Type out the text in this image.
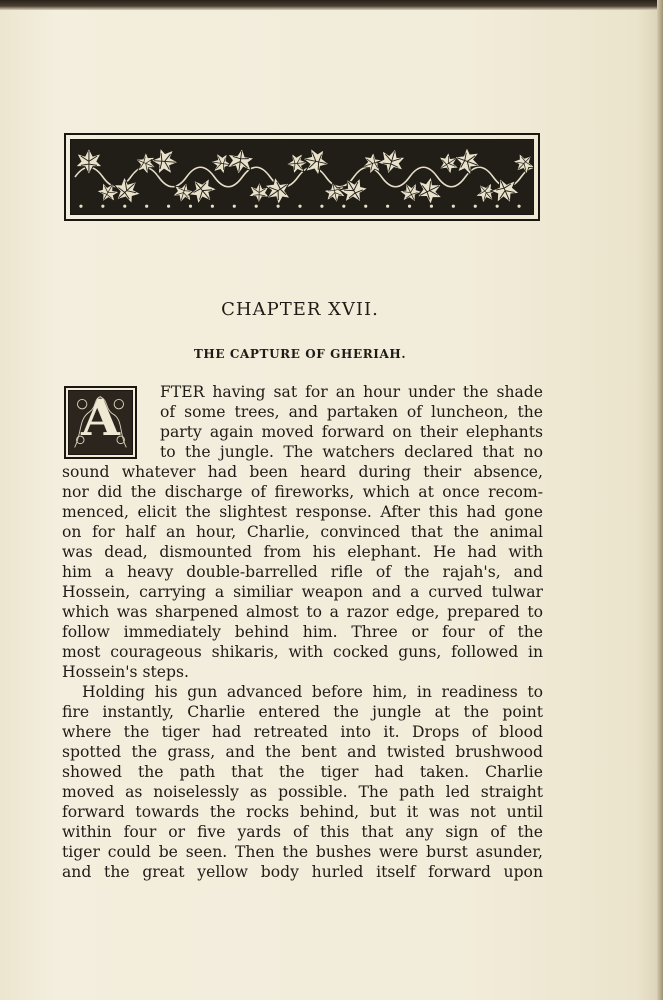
CHAPTER XVII.
THE CAPTURE OF GHERIAH.
A	FTER having sat for an hour under the shade
of some trees, and partaken of luncheon, the
party again moved forward on their elephants
to the jungle. The watchers declared that no
sound whatever had been heard during their absence,
nor did the discharge of fireworks, which at once recom-
menced, elicit the slightest response. After this had gone
on for half an hour, Charlie, convinced that the animal
was dead, dismounted from his elephant. He had with
him a heavy double-barrelled rifle of the rajah's, and
Hossein, carrying a similiar weapon and a curved tulwar
which was sharpened almost to a razor edge, prepared to
follow immediately behind him. Three or four of the
most courageous shikaris, with cocked guns, followed in
Hossein's steps.
Holding his gun advanced before him, in readiness to
fire instantly, Charlie entered the jungle at the point
where the tiger had retreated into it. Drops of blood
spotted the grass, and the bent and twisted brushwood
showed the path that the tiger had taken. Charlie
moved as noiselessly as possible. The path led straight
forward towards the rocks behind, but it was not until
within four or five yards of this that any sign of the
tiger could be seen. Then the bushes were burst asunder,
and the great yellow body hurled itself forward upon
